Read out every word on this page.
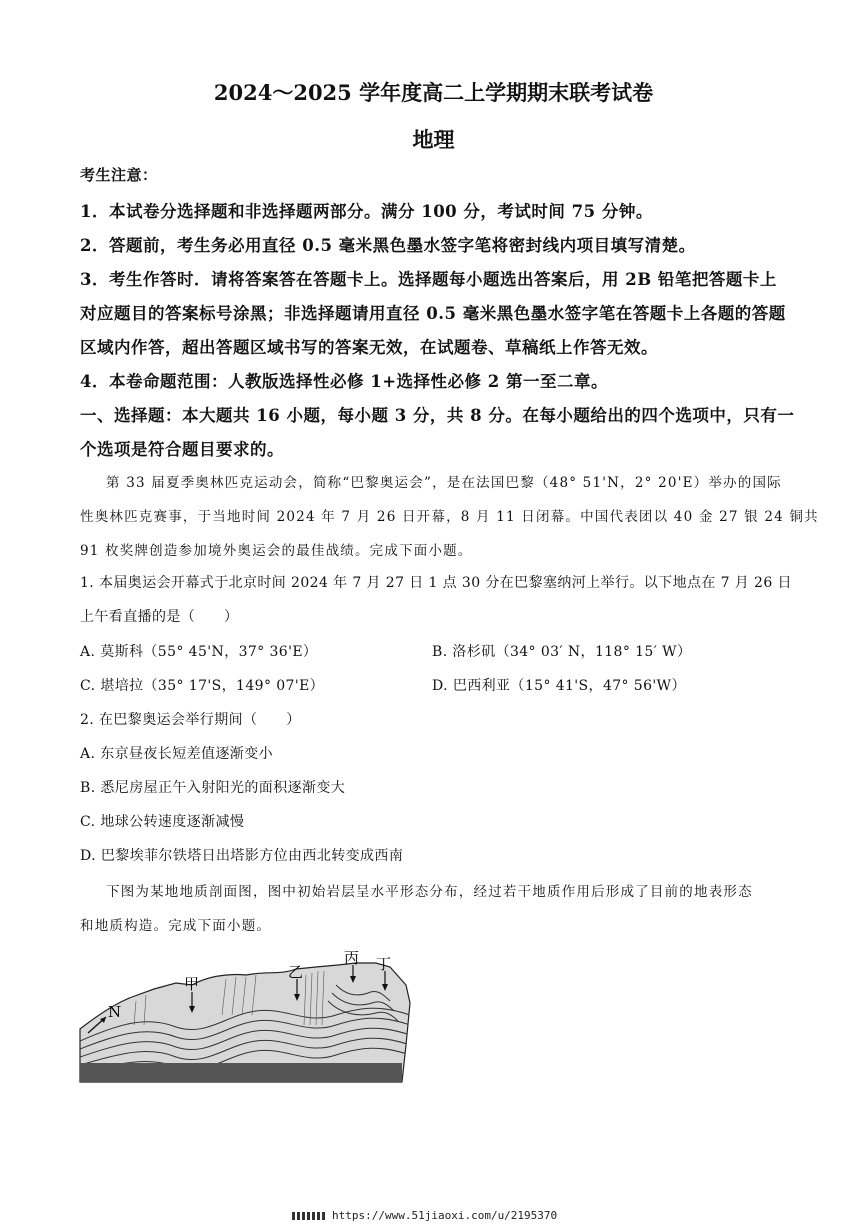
2024～2025 学年度高二上学期期末联考试卷
地理
考生注意：
1．本试卷分选择题和非选择题两部分。满分 100 分，考试时间 75 分钟。
2．答题前，考生务必用直径 0.5 毫米黑色墨水签字笔将密封线内项目填写清楚。
3．考生作答时．请将答案答在答题卡上。选择题每小题选出答案后，用 2B 铅笔把答题卡上
对应题目的答案标号涂黑；非选择题请用直径 0.5 毫米黑色墨水签字笔在答题卡上各题的答题
区域内作答，超出答题区域书写的答案无效，在试题卷、草稿纸上作答无效。
4．本卷命题范围：人教版选择性必修 1+选择性必修 2 第一至二章。
一、选择题：本大题共 16 小题，每小题 3 分，共 8 分。在每小题给出的四个选项中，只有一
个选项是符合题目要求的。
第 33 届夏季奥林匹克运动会，简称“巴黎奥运会”，是在法国巴黎（48° 51'N，2° 20'E）举办的国际
性奥林匹克赛事，于当地时间 2024 年 7 月 26 日开幕，8 月 11 日闭幕。中国代表团以 40 金 27 银 24 铜共
91 枚奖牌创造参加境外奥运会的最佳战绩。完成下面小题。
1. 本届奥运会开幕式于北京时间 2024 年 7 月 27 日 1 点 30 分在巴黎塞纳河上举行。以下地点在 7 月 26 日
上午看直播的是（　　）
A. 莫斯科（55° 45'N，37° 36'E）	B. 洛杉矶（34° 03′ N，118° 15′ W）
C. 堪培拉（35° 17'S，149° 07'E）	D. 巴西利亚（15° 41'S，47° 56'W）
2. 在巴黎奥运会举行期间（　　）
A. 东京昼夜长短差值逐渐变小
B. 悉尼房屋正午入射阳光的面积逐渐变大
C. 地球公转速度逐渐减慢
D. 巴黎埃菲尔铁塔日出塔影方位由西北转变成西南
下图为某地地质剖面图，图中初始岩层呈水平形态分布，经过若干地质作用后形成了目前的地表形态
和地质构造。完成下面小题。
N
甲
乙
丙 丁
https://www.51jiaoxi.com/u/2195370
